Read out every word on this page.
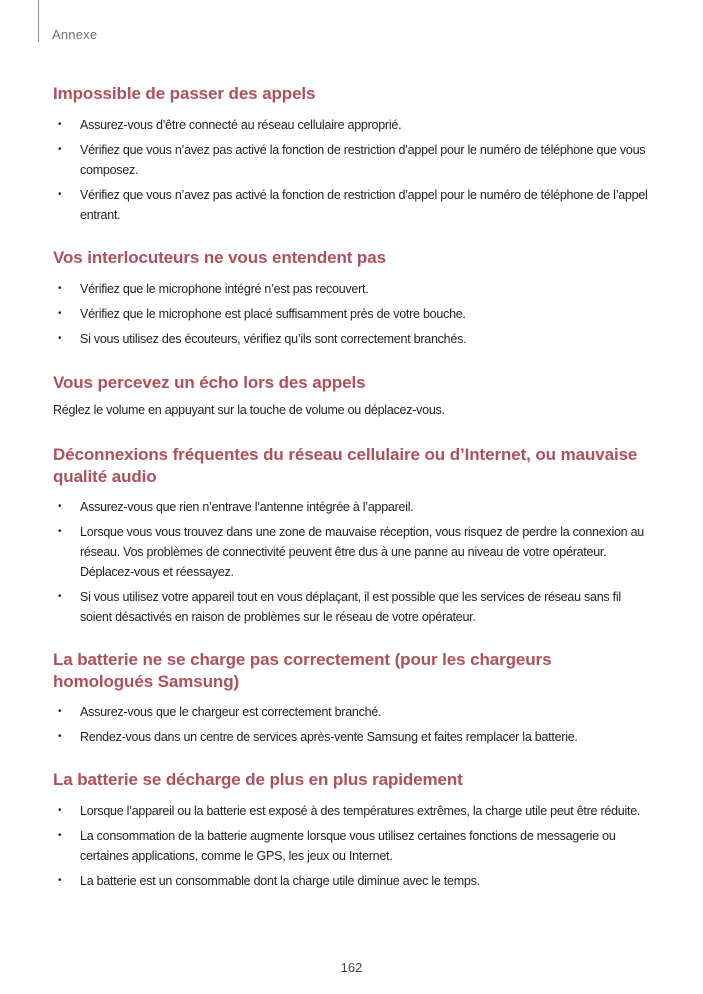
Annexe
Impossible de passer des appels
• Assurez-vous d’être connecté au réseau cellulaire approprié.
• Vérifiez que vous n’avez pas activé la fonction de restriction d’appel pour le numéro de téléphone que vous composez.
• Vérifiez que vous n’avez pas activé la fonction de restriction d’appel pour le numéro de téléphone de l’appel entrant.
Vos interlocuteurs ne vous entendent pas
• Vérifiez que le microphone intégré n’est pas recouvert.
• Vérifiez que le microphone est placé suffisamment près de votre bouche.
• Si vous utilisez des écouteurs, vérifiez qu’ils sont correctement branchés.
Vous percevez un écho lors des appels

Réglez le volume en appuyant sur la touche de volume ou déplacez-vous.

Déconnexions fréquentes du réseau cellulaire ou d’Internet, ou mauvaise qualité audio
• Assurez-vous que rien n’entrave l’antenne intégrée à l’appareil.
• Lorsque vous vous trouvez dans une zone de mauvaise réception, vous risquez de perdre la connexion au réseau. Vos problèmes de connectivité peuvent être dus à une panne au niveau de votre opérateur. Déplacez-vous et réessayez.
• Si vous utilisez votre appareil tout en vous déplaçant, il est possible que les services de réseau sans fil soient désactivés en raison de problèmes sur le réseau de votre opérateur.
La batterie ne se charge pas correctement (pour les chargeurs homologués Samsung)
• Assurez-vous que le chargeur est correctement branché.
• Rendez-vous dans un centre de services après-vente Samsung et faites remplacer la batterie.
La batterie se décharge de plus en plus rapidement
• Lorsque l’appareil ou la batterie est exposé à des températures extrêmes, la charge utile peut être réduite.
• La consommation de la batterie augmente lorsque vous utilisez certaines fonctions de messagerie ou certaines applications, comme le GPS, les jeux ou Internet.
• La batterie est un consommable dont la charge utile diminue avec le temps.
162
